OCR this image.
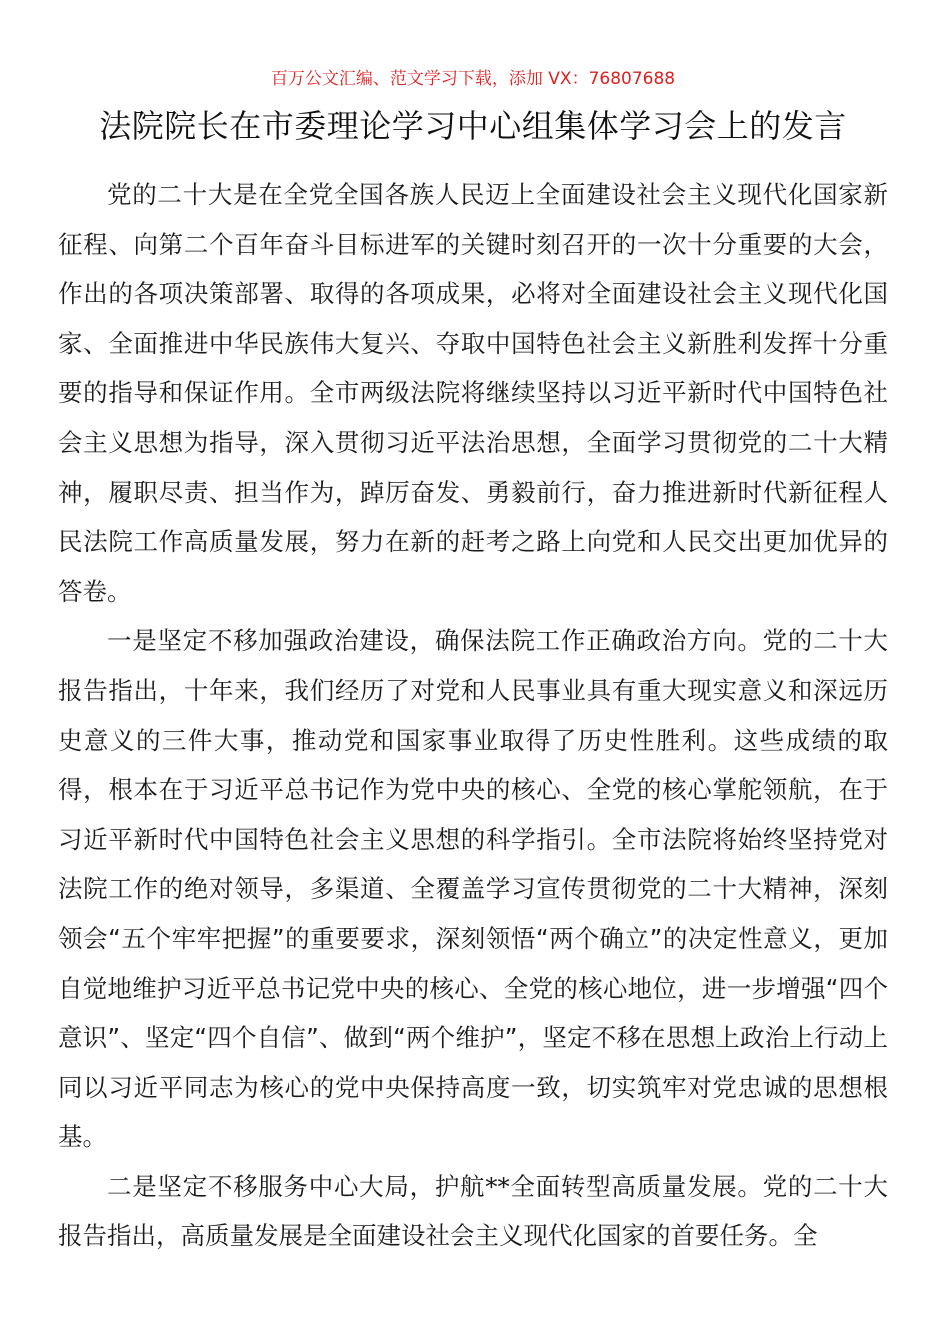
百万公文汇编、范文学习下载，添加 VX：76807688
法院院长在市委理论学习中心组集体学习会上的发言

党的二十大是在全党全国各族人民迈上全面建设社会主义现代化国家新征程、向第二个百年奋斗目标进军的关键时刻召开的一次十分重要的大会，作出的各项决策部署、取得的各项成果，必将对全面建设社会主义现代化国家、全面推进中华民族伟大复兴、夺取中国特色社会主义新胜利发挥十分重要的指导和保证作用。全市两级法院将继续坚持以习近平新时代中国特色社会主义思想为指导，深入贯彻习近平法治思想，全面学习贯彻党的二十大精神，履职尽责、担当作为，踔厉奋发、勇毅前行，奋力推进新时代新征程人民法院工作高质量发展，努力在新的赶考之路上向党和人民交出更加优异的答卷。

一是坚定不移加强政治建设，确保法院工作正确政治方向。党的二十大报告指出，十年来，我们经历了对党和人民事业具有重大现实意义和深远历史意义的三件大事，推动党和国家事业取得了历史性胜利。这些成绩的取得，根本在于习近平总书记作为党中央的核心、全党的核心掌舵领航，在于习近平新时代中国特色社会主义思想的科学指引。全市法院将始终坚持党对法院工作的绝对领导，多渠道、全覆盖学习宣传贯彻党的二十大精神，深刻领会“五个牢牢把握”的重要要求，深刻领悟“两个确立”的决定性意义，更加自觉地维护习近平总书记党中央的核心、全党的核心地位，进一步增强“四个意识”、坚定“四个自信”、做到“两个维护”，坚定不移在思想上政治上行动上同以习近平同志为核心的党中央保持高度一致，切实筑牢对党忠诚的思想根基。

二是坚定不移服务中心大局，护航**全面转型高质量发展。党的二十大报告指出，高质量发展是全面建设社会主义现代化国家的首要任务。全
